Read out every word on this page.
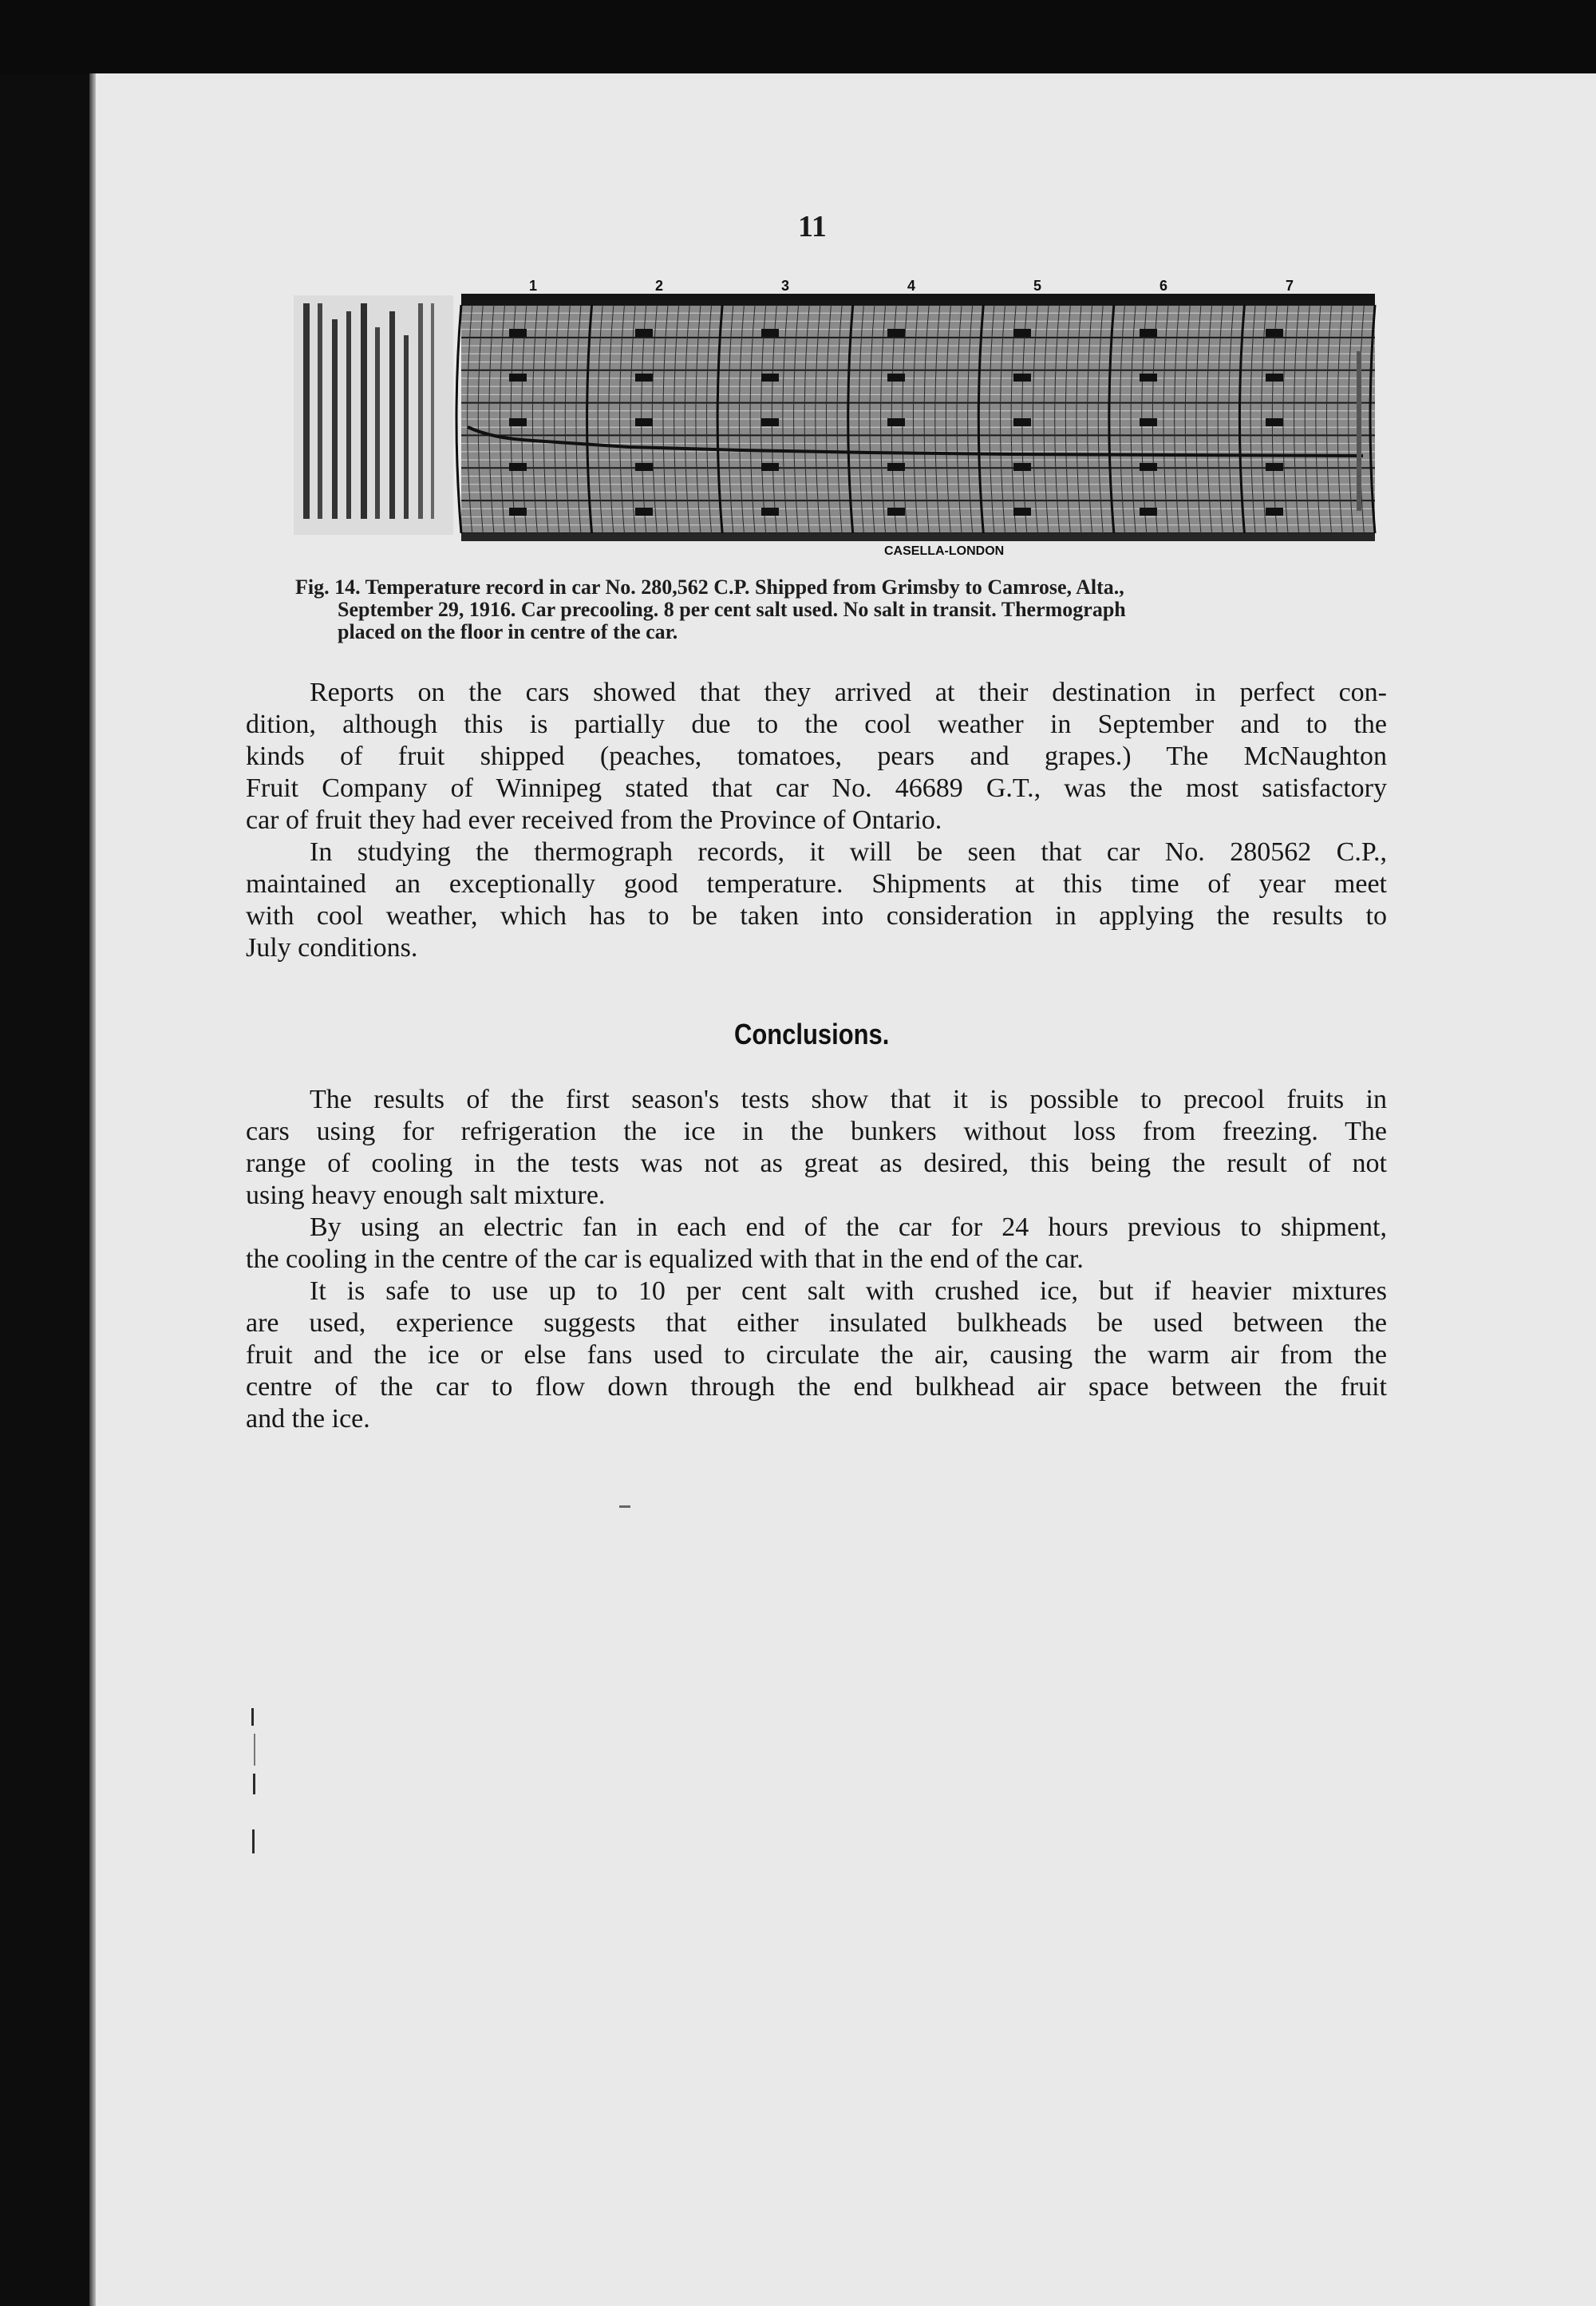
11

1	2	3	4	5	6	7
CASELLA-LONDON
Fig. 14. Temperature record in car No. 280,562 C.P. Shipped from Grimsby to Camrose, Alta.,
September 29, 1916. Car precooling. 8 per cent salt used. No salt in transit. Thermograph
placed on the floor in centre of the car.
Reports on the cars showed that they arrived at their destination in perfect con-
dition, although this is partially due to the cool weather in September and to the
kinds of fruit shipped (peaches, tomatoes, pears and grapes.) The McNaughton
Fruit Company of Winnipeg stated that car No. 46689 G.T., was the most satisfactory
car of fruit they had ever received from the Province of Ontario.
In studying the thermograph records, it will be seen that car No. 280562 C.P.,
maintained an exceptionally good temperature. Shipments at this time of year meet
with cool weather, which has to be taken into consideration in applying the results to
July conditions.
Conclusions.
The results of the first season's tests show that it is possible to precool fruits in
cars using for refrigeration the ice in the bunkers without loss from freezing. The
range of cooling in the tests was not as great as desired, this being the result of not
using heavy enough salt mixture.
By using an electric fan in each end of the car for 24 hours previous to shipment,
the cooling in the centre of the car is equalized with that in the end of the car.
It is safe to use up to 10 per cent salt with crushed ice, but if heavier mixtures
are used, experience suggests that either insulated bulkheads be used between the
fruit and the ice or else fans used to circulate the air, causing the warm air from the
centre of the car to flow down through the end bulkhead air space between the fruit
and the ice.
